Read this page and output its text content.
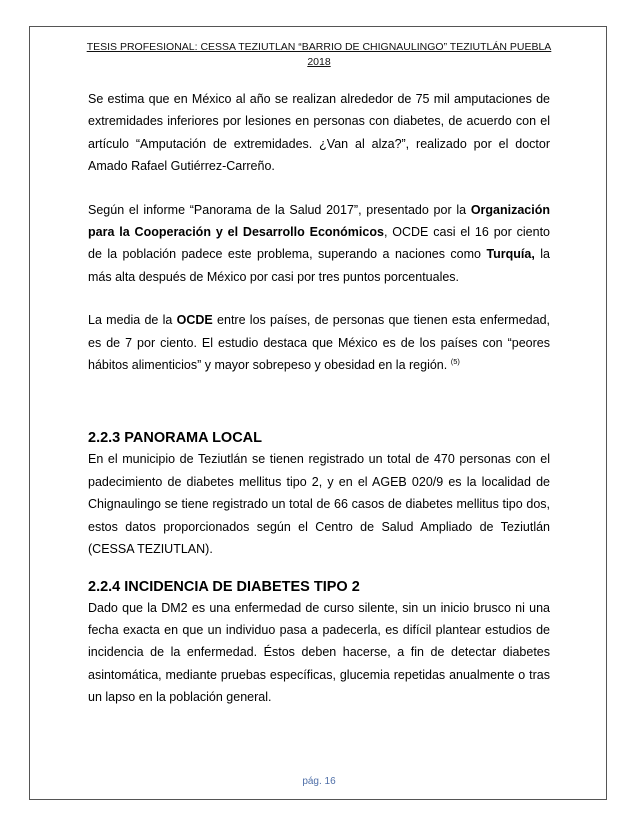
TESIS PROFESIONAL: CESSA TEZIUTLAN “BARRIO DE CHIGNAULINGO” TEZIUTLÁN PUEBLA
2018

Se estima que en México al año se realizan alrededor de 75 mil amputaciones de extremidades inferiores por lesiones en personas con diabetes, de acuerdo con el artículo “Amputación de extremidades. ¿Van al alza?”, realizado por el doctor Amado Rafael Gutiérrez-Carreño.

Según el informe “Panorama de la Salud 2017”, presentado por la Organización para la Cooperación y el Desarrollo Económicos, OCDE casi el 16 por ciento de la población padece este problema, superando a naciones como Turquía, la más alta después de México por casi por tres puntos porcentuales.

La media de la OCDE entre los países, de personas que tienen esta enfermedad, es de 7 por ciento. El estudio destaca que México es de los países con “peores hábitos alimenticios” y mayor sobrepeso y obesidad en la región. $^{(5)}$

2.2.3 PANORAMA LOCAL

En el municipio de Teziutlán se tienen registrado un total de 470 personas con el padecimiento de diabetes mellitus tipo 2, y en el AGEB 020/9 es la localidad de Chignaulingo se tiene registrado un total de 66 casos de diabetes mellitus tipo dos, estos datos proporcionados según el Centro de Salud Ampliado de Teziutlán (CESSA TEZIUTLAN).

2.2.4 INCIDENCIA DE DIABETES TIPO 2

Dado que la DM2 es una enfermedad de curso silente, sin un inicio brusco ni una fecha exacta en que un individuo pasa a padecerla, es difícil plantear estudios de incidencia de la enfermedad. Éstos deben hacerse, a fin de detectar diabetes asintomática, mediante pruebas específicas, glucemia repetidas anualmente o tras un lapso en la población general.

pág. 16
